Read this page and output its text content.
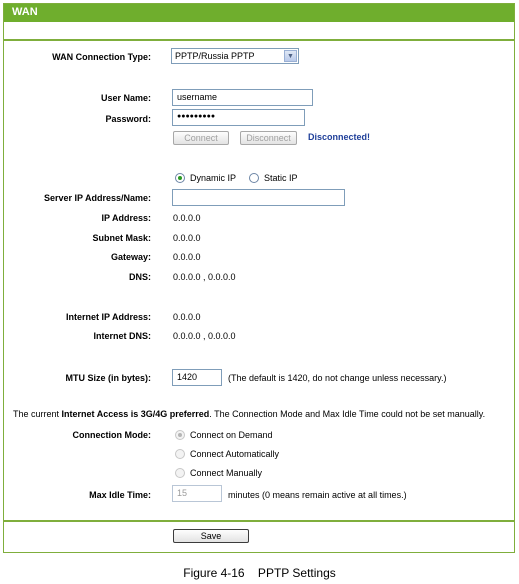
WAN
WAN Connection Type:	PPTP/Russia PPTP	▼
User Name:	username
Password:	●●●●●●●●●
Connect	Disconnect	Disconnected!
Dynamic IP	Static IP
Server IP Address/Name:
IP Address: 0.0.0.0
Subnet Mask: 0.0.0.0
Gateway: 0.0.0.0
DNS: 0.0.0.0 , 0.0.0.0
Internet IP Address: 0.0.0.0
Internet DNS: 0.0.0.0 , 0.0.0.0
MTU Size (in bytes):	1420	(The default is 1420, do not change unless necessary.)
The current Internet Access is 3G/4G preferred. The Connection Mode and Max Idle Time could not be set manually.
Connection Mode:	Connect on Demand
Connect Automatically
Connect Manually
Max Idle Time:	15	minutes (0 means remain active at all times.)
Save
Figure 4-16    PPTP Settings
